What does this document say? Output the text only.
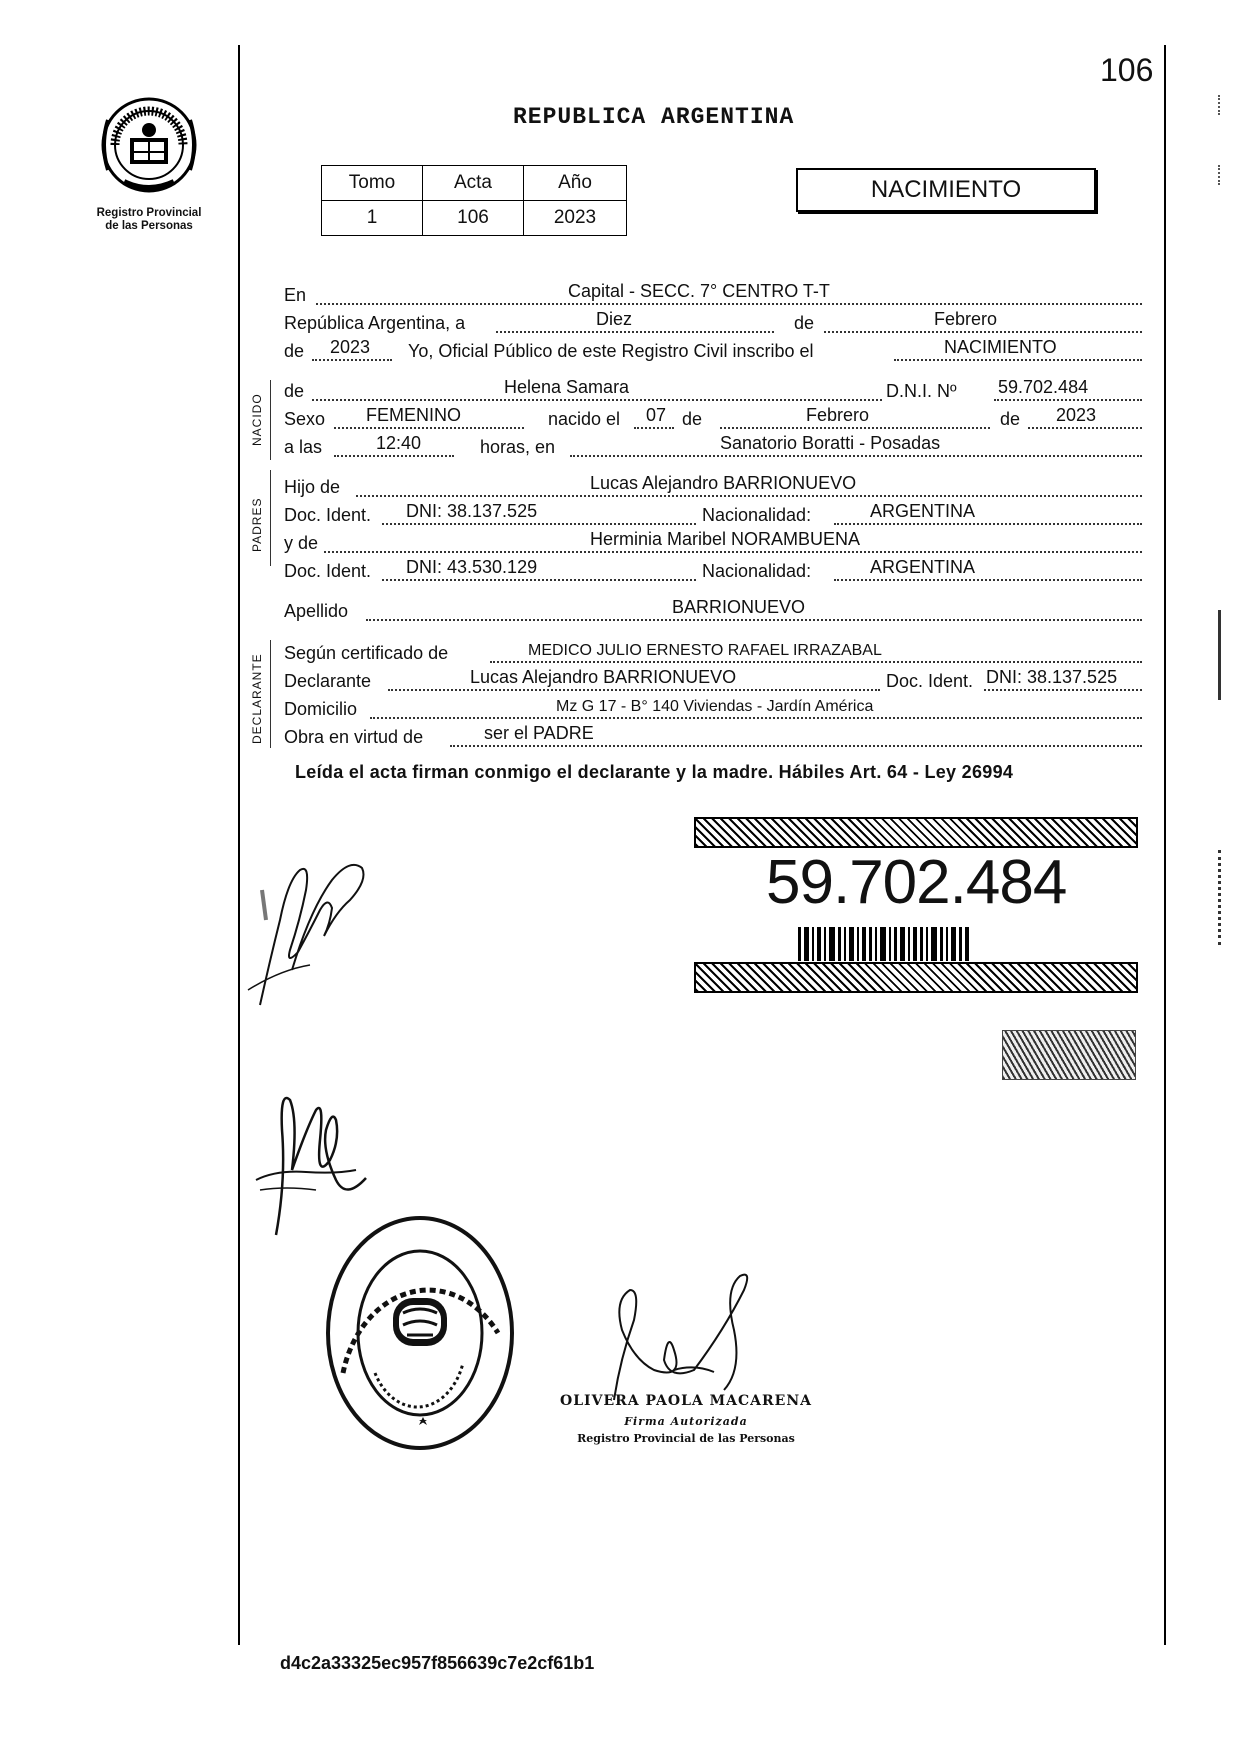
106
Registro Provincial
de las Personas
REPUBLICA ARGENTINA
Tomo	Acta	Año
1	106	2023
NACIMIENTO
En	Capital - SECC. 7° CENTRO T-T
República Argentina, a	Diez	de	Febrero
de 2023 Yo, Oficial Público de este Registro Civil inscribo el	NACIMIENTO
NACIDO
de	Helena Samara	D.N.I. Nº 59.702.484
Sexo FEMENINO	nacido el 07 de	Febrero	de 2023
a las	12:40	horas, en	Sanatorio Boratti - Posadas
PADRES
Hijo de	Lucas Alejandro BARRIONUEVO
Doc. Ident. DNI: 38.137.525	Nacionalidad:	ARGENTINA
y de	Herminia Maribel NORAMBUENA
Doc. Ident. DNI: 43.530.129	Nacionalidad:	ARGENTINA
Apellido	BARRIONUEVO
DECLARANTE
Según certificado de	MEDICO JULIO ERNESTO RAFAEL IRRAZABAL
Declarante	Lucas Alejandro BARRIONUEVO	Doc. Ident. DNI: 38.137.525
Domicilio	Mz G 17 - B° 140 Viviendas - Jardín América
Obra en virtud de	ser el PADRE
Leída el acta firman conmigo el declarante y la madre. Hábiles Art. 64 - Ley 26994
59.702.484
OLIVERA PAOLA MACARENA
Firma Autorizada
Registro Provincial de las Personas
d4c2a33325ec957f856639c7e2cf61b1
